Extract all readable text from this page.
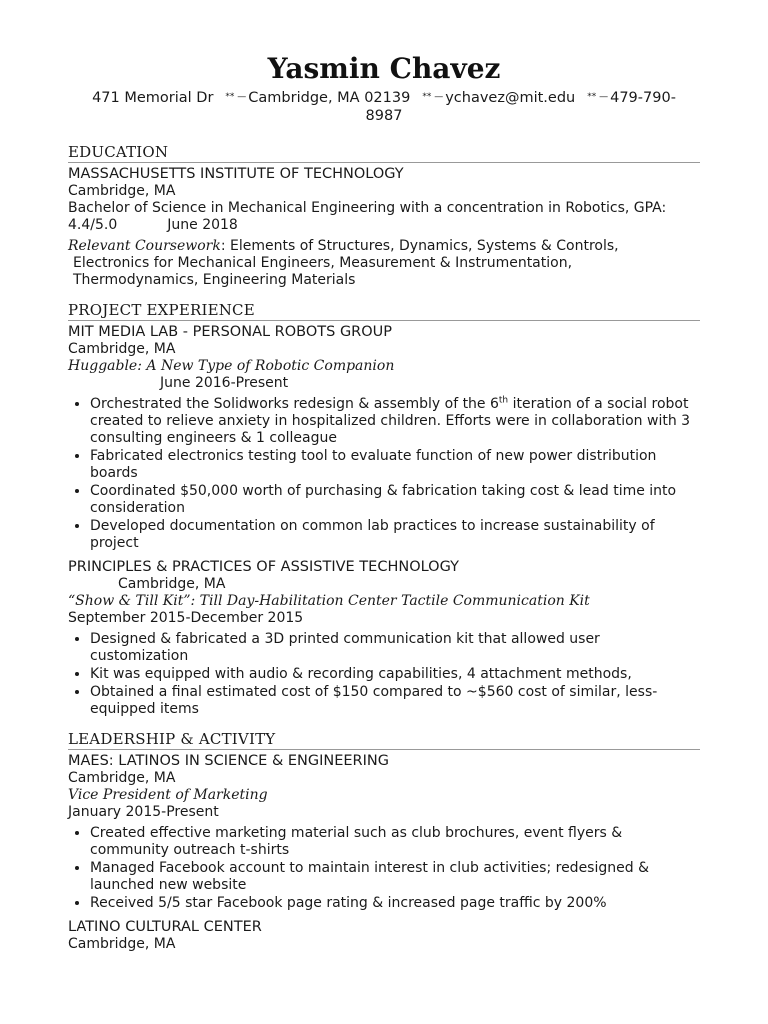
Yasmin Chavez
471 Memorial Dr ** — Cambridge, MA 02139 ** — ychavez@mit.edu ** — 479-790-8987
EDUCATION
MASSACHUSETTS INSTITUTE OF TECHNOLOGY
Cambridge, MA
Bachelor of Science in Mechanical Engineering with a concentration in Robotics, GPA: 4.4/5.0	June 2018
Relevant Coursework: Elements of Structures, Dynamics, Systems & Controls,
Electronics for Mechanical Engineers, Measurement & Instrumentation,
Thermodynamics, Engineering Materials
PROJECT EXPERIENCE
MIT MEDIA LAB - PERSONAL ROBOTS GROUP
Cambridge, MA
Huggable: A New Type of Robotic Companion
June 2016-Present
• Orchestrated the Solidworks redesign & assembly of the 6th iteration of a social robot created to relieve anxiety in hospitalized children. Efforts were in collaboration with 3 consulting engineers & 1 colleague
• Fabricated electronics testing tool to evaluate function of new power distribution boards
• Coordinated $50,000 worth of purchasing & fabrication taking cost & lead time into consideration
• Developed documentation on common lab practices to increase sustainability of project
PRINCIPLES & PRACTICES OF ASSISTIVE TECHNOLOGY
Cambridge, MA
“Show & Till Kit”: Till Day-Habilitation Center Tactile Communication Kit
September 2015-December 2015
• Designed & fabricated a 3D printed communication kit that allowed user customization
• Kit was equipped with audio & recording capabilities, 4 attachment methods,
• Obtained a final estimated cost of $150 compared to ~$560 cost of similar, less-equipped items
LEADERSHIP & ACTIVITY
MAES: LATINOS IN SCIENCE & ENGINEERING
Cambridge, MA
Vice President of Marketing
January 2015-Present
• Created effective marketing material such as club brochures, event flyers & community outreach t-shirts
• Managed Facebook account to maintain interest in club activities; redesigned & launched new website
• Received 5/5 star Facebook page rating & increased page traffic by 200%
LATINO CULTURAL CENTER
Cambridge, MA
